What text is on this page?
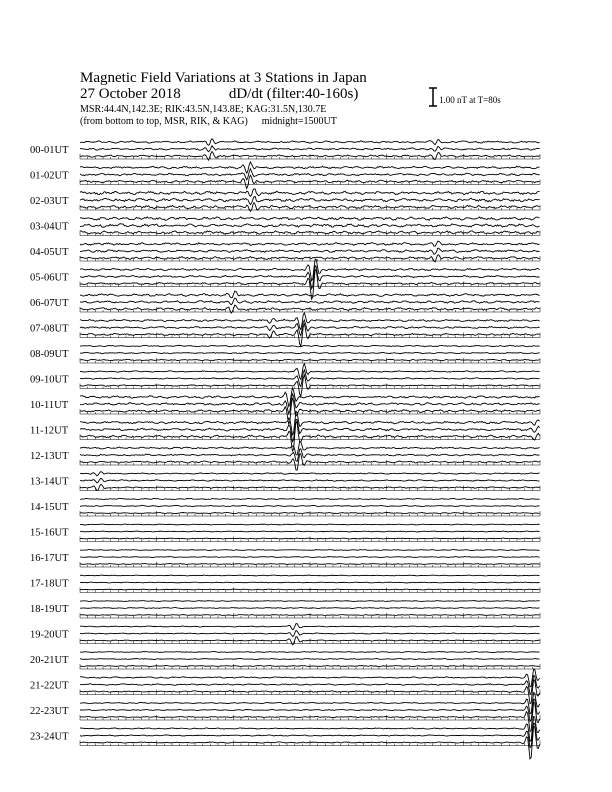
Magnetic Field Variations at 3 Stations in Japan
27 October 2018	dD/dt (filter:40-160s)
MSR:44.4N,142.3E; RIK:43.5N,143.8E; KAG:31.5N,130.7E
(from bottom to top, MSR, RIK, & KAG) midnight=1500UT
1.00 nT at T=80s
00-01UT
01-02UT
02-03UT
03-04UT
04-05UT
05-06UT
06-07UT
07-08UT
08-09UT
09-10UT
10-11UT
11-12UT
12-13UT
13-14UT
14-15UT
15-16UT
16-17UT
17-18UT
18-19UT
19-20UT
20-21UT
21-22UT
22-23UT
23-24UT
